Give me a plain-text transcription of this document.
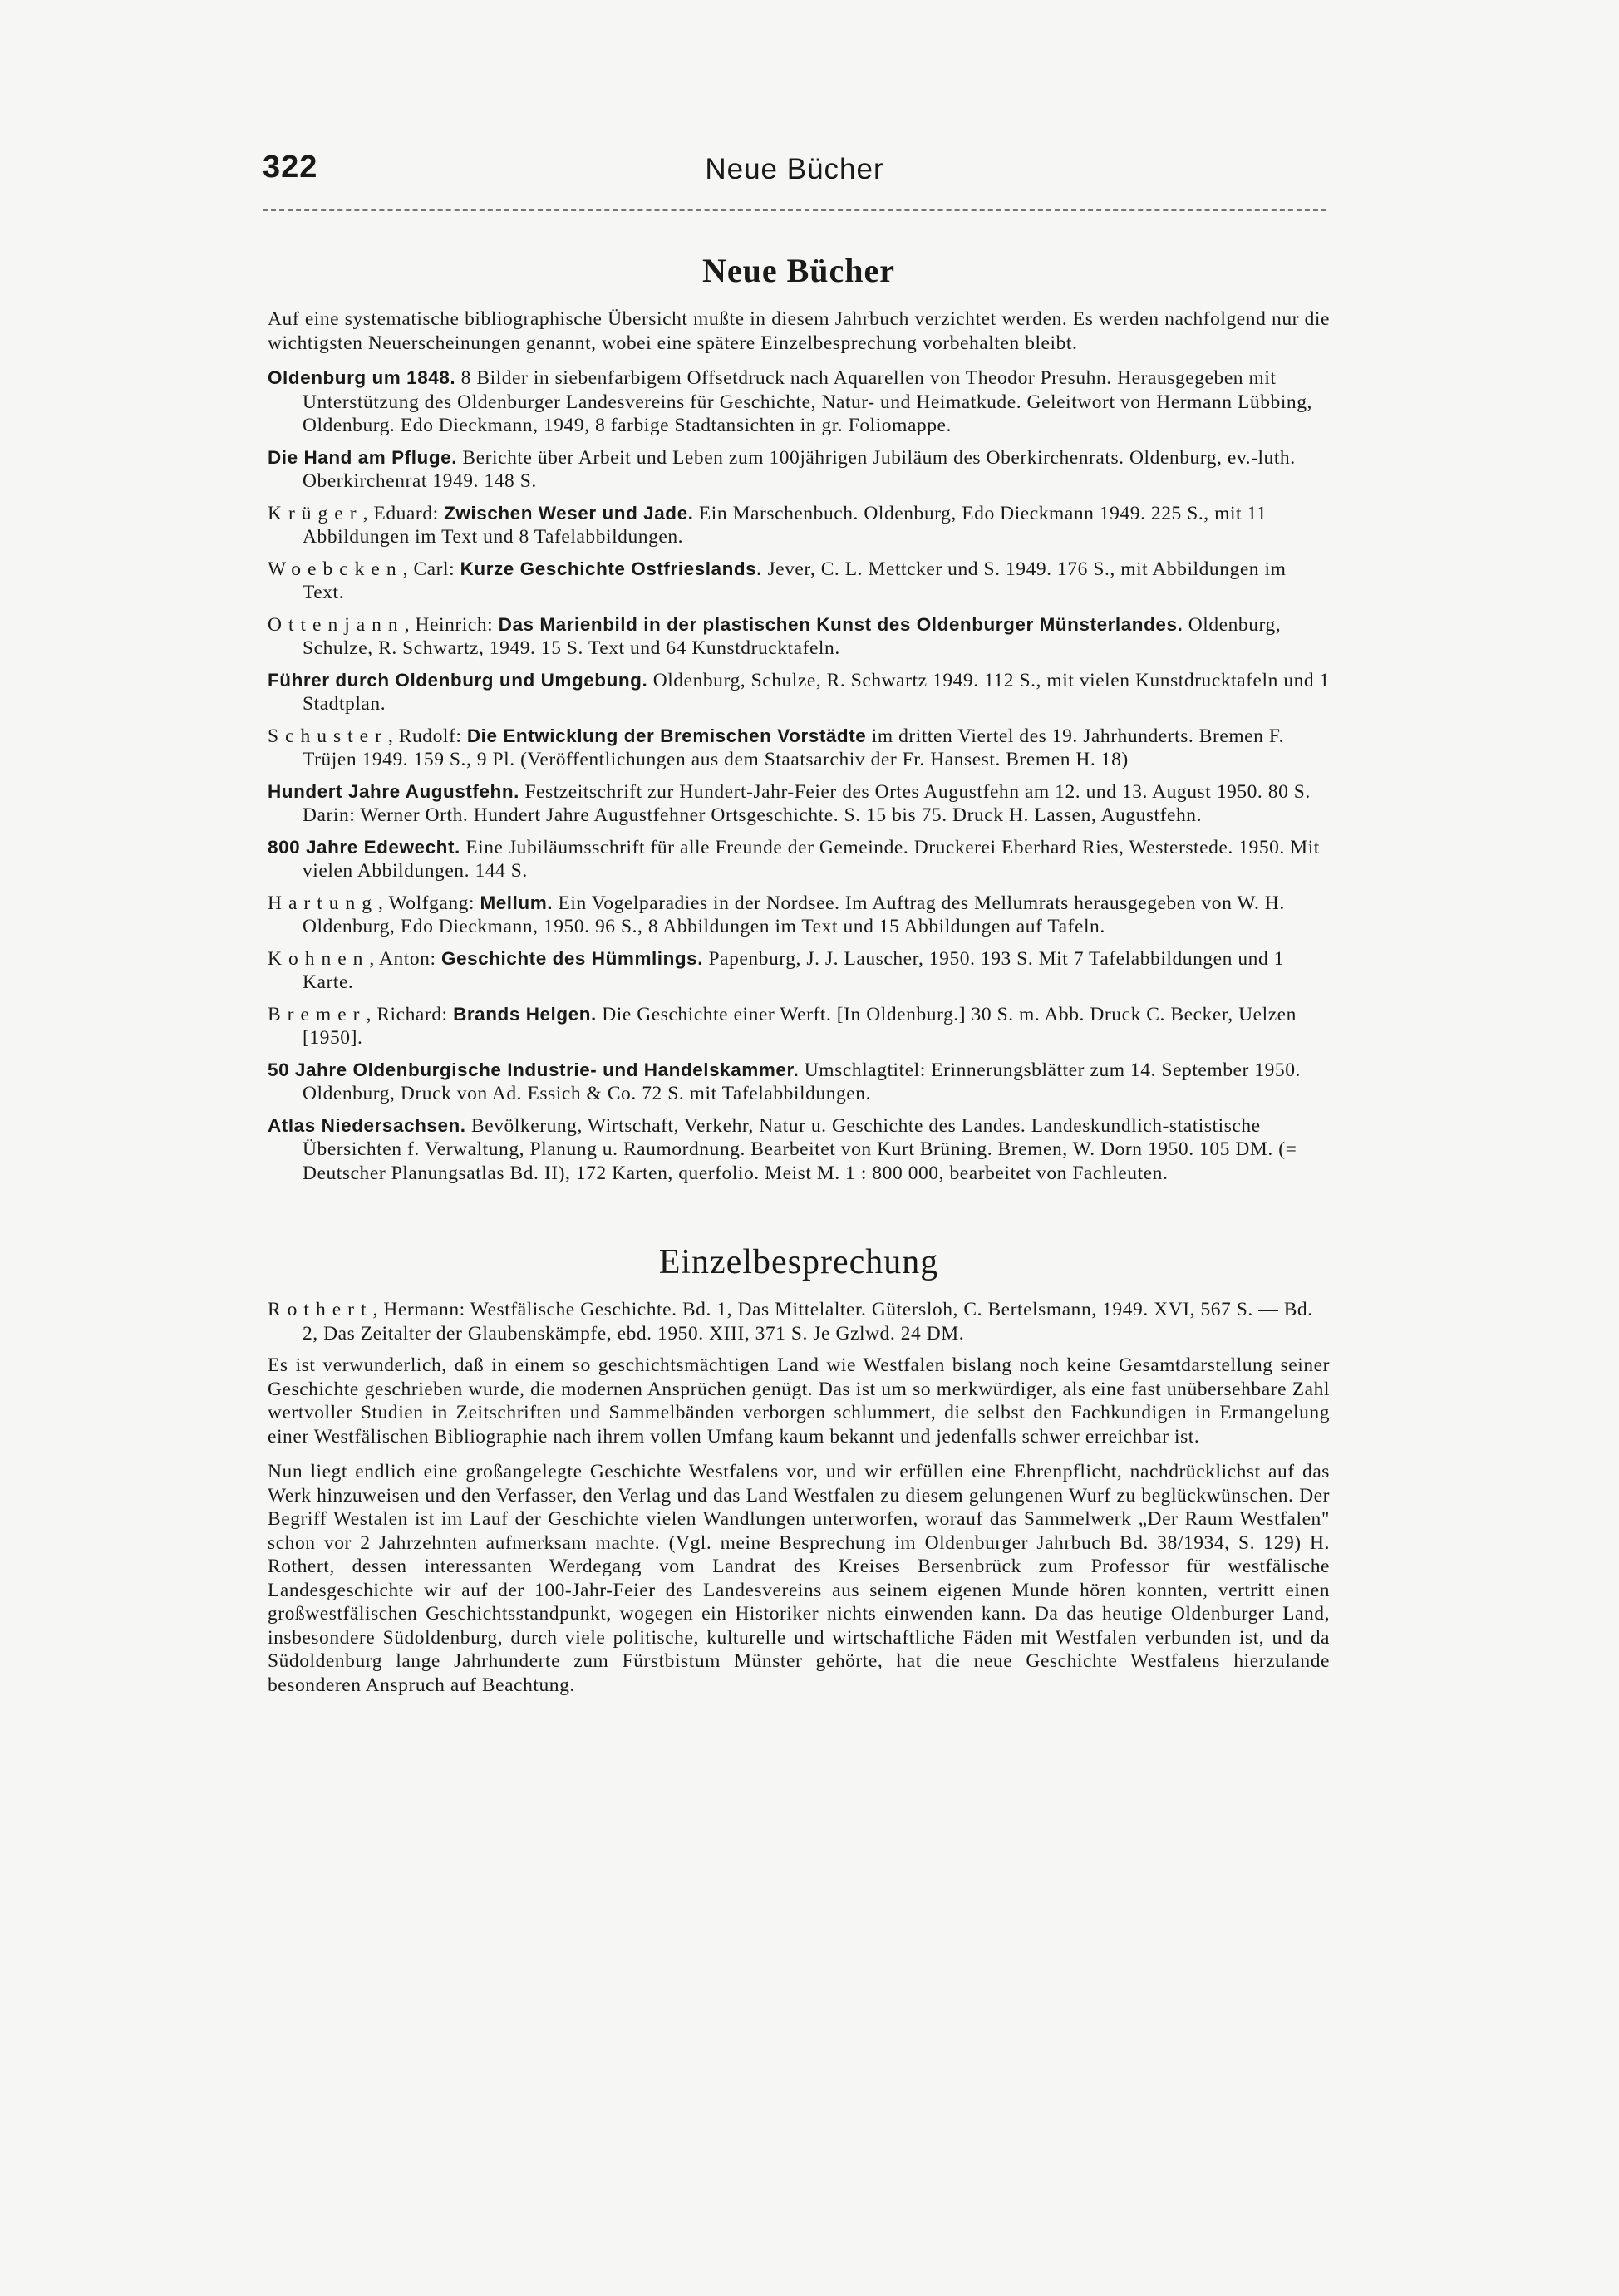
322	Neue Bücher
Neue Bücher

Auf eine systematische bibliographische Übersicht mußte in diesem Jahrbuch verzichtet werden. Es werden nachfolgend nur die wichtigsten Neuerscheinungen genannt, wobei eine spätere Einzelbesprechung vorbehalten bleibt.

Oldenburg um 1848. 8 Bilder in siebenfarbigem Offsetdruck nach Aquarellen von Theodor Presuhn. Herausgegeben mit Unterstützung des Oldenburger Landesvereins für Geschichte, Natur- und Heimatkude. Geleitwort von Hermann Lübbing, Oldenburg. Edo Dieckmann, 1949, 8 farbige Stadtansichten in gr. Foliomappe.

Die Hand am Pfluge. Berichte über Arbeit und Leben zum 100jährigen Jubiläum des Oberkirchenrats. Oldenburg, ev.-luth. Oberkirchenrat 1949. 148 S.

Krüger, Eduard: Zwischen Weser und Jade. Ein Marschenbuch. Oldenburg, Edo Dieckmann 1949. 225 S., mit 11 Abbildungen im Text und 8 Tafelabbildungen.

Woebcken, Carl: Kurze Geschichte Ostfrieslands. Jever, C. L. Mettcker und S. 1949. 176 S., mit Abbildungen im Text.

Ottenjann, Heinrich: Das Marienbild in der plastischen Kunst des Oldenburger Münsterlandes. Oldenburg, Schulze, R. Schwartz, 1949. 15 S. Text und 64 Kunstdrucktafeln.

Führer durch Oldenburg und Umgebung. Oldenburg, Schulze, R. Schwartz 1949. 112 S., mit vielen Kunstdrucktafeln und 1 Stadtplan.

Schuster, Rudolf: Die Entwicklung der Bremischen Vorstädte im dritten Viertel des 19. Jahrhunderts. Bremen F. Trüjen 1949. 159 S., 9 Pl. (Veröffentlichungen aus dem Staatsarchiv der Fr. Hansest. Bremen H. 18)

Hundert Jahre Augustfehn. Festzeitschrift zur Hundert-Jahr-Feier des Ortes Augustfehn am 12. und 13. August 1950. 80 S. Darin: Werner Orth. Hundert Jahre Augustfehner Ortsgeschichte. S. 15 bis 75. Druck H. Lassen, Augustfehn.

800 Jahre Edewecht. Eine Jubiläumsschrift für alle Freunde der Gemeinde. Druckerei Eberhard Ries, Westerstede. 1950. Mit vielen Abbildungen. 144 S.

Hartung, Wolfgang: Mellum. Ein Vogelparadies in der Nordsee. Im Auftrag des Mellumrats herausgegeben von W. H. Oldenburg, Edo Dieckmann, 1950. 96 S., 8 Abbildungen im Text und 15 Abbildungen auf Tafeln.

Kohnen, Anton: Geschichte des Hümmlings. Papenburg, J. J. Lauscher, 1950. 193 S. Mit 7 Tafelabbildungen und 1 Karte.

Bremer, Richard: Brands Helgen. Die Geschichte einer Werft. [In Oldenburg.] 30 S. m. Abb. Druck C. Becker, Uelzen [1950].

50 Jahre Oldenburgische Industrie- und Handelskammer. Umschlagtitel: Erinnerungsblätter zum 14. September 1950. Oldenburg, Druck von Ad. Essich & Co. 72 S. mit Tafelabbildungen.

Atlas Niedersachsen. Bevölkerung, Wirtschaft, Verkehr, Natur u. Geschichte des Landes. Landeskundlich-statistische Übersichten f. Verwaltung, Planung u. Raumordnung. Bearbeitet von Kurt Brüning. Bremen, W. Dorn 1950. 105 DM. (= Deutscher Planungsatlas Bd. II), 172 Karten, querfolio. Meist M. 1 : 800 000, bearbeitet von Fachleuten.

Einzelbesprechung

Rothert, Hermann: Westfälische Geschichte. Bd. 1, Das Mittelalter. Gütersloh, C. Bertelsmann, 1949. XVI, 567 S. — Bd. 2, Das Zeitalter der Glaubenskämpfe, ebd. 1950. XIII, 371 S. Je Gzlwd. 24 DM.

Es ist verwunderlich, daß in einem so geschichtsmächtigen Land wie Westfalen bislang noch keine Gesamtdarstellung seiner Geschichte geschrieben wurde, die modernen Ansprüchen genügt. Das ist um so merkwürdiger, als eine fast unübersehbare Zahl wertvoller Studien in Zeitschriften und Sammelbänden verborgen schlummert, die selbst den Fachkundigen in Ermangelung einer Westfälischen Bibliographie nach ihrem vollen Umfang kaum bekannt und jedenfalls schwer erreichbar ist.

Nun liegt endlich eine großangelegte Geschichte Westfalens vor, und wir erfüllen eine Ehrenpflicht, nachdrücklichst auf das Werk hinzuweisen und den Verfasser, den Verlag und das Land Westfalen zu diesem gelungenen Wurf zu beglückwünschen. Der Begriff Westalen ist im Lauf der Geschichte vielen Wandlungen unterworfen, worauf das Sammelwerk „Der Raum Westfalen" schon vor 2 Jahrzehnten aufmerksam machte. (Vgl. meine Besprechung im Oldenburger Jahrbuch Bd. 38/1934, S. 129) H. Rothert, dessen interessanten Werdegang vom Landrat des Kreises Bersenbrück zum Professor für westfälische Landesgeschichte wir auf der 100-Jahr-Feier des Landesvereins aus seinem eigenen Munde hören konnten, vertritt einen großwestfälischen Geschichtsstandpunkt, wogegen ein Historiker nichts einwenden kann. Da das heutige Oldenburger Land, insbesondere Südoldenburg, durch viele politische, kulturelle und wirtschaftliche Fäden mit Westfalen verbunden ist, und da Südoldenburg lange Jahrhunderte zum Fürstbistum Münster gehörte, hat die neue Geschichte Westfalens hierzulande besonderen Anspruch auf Beachtung.
